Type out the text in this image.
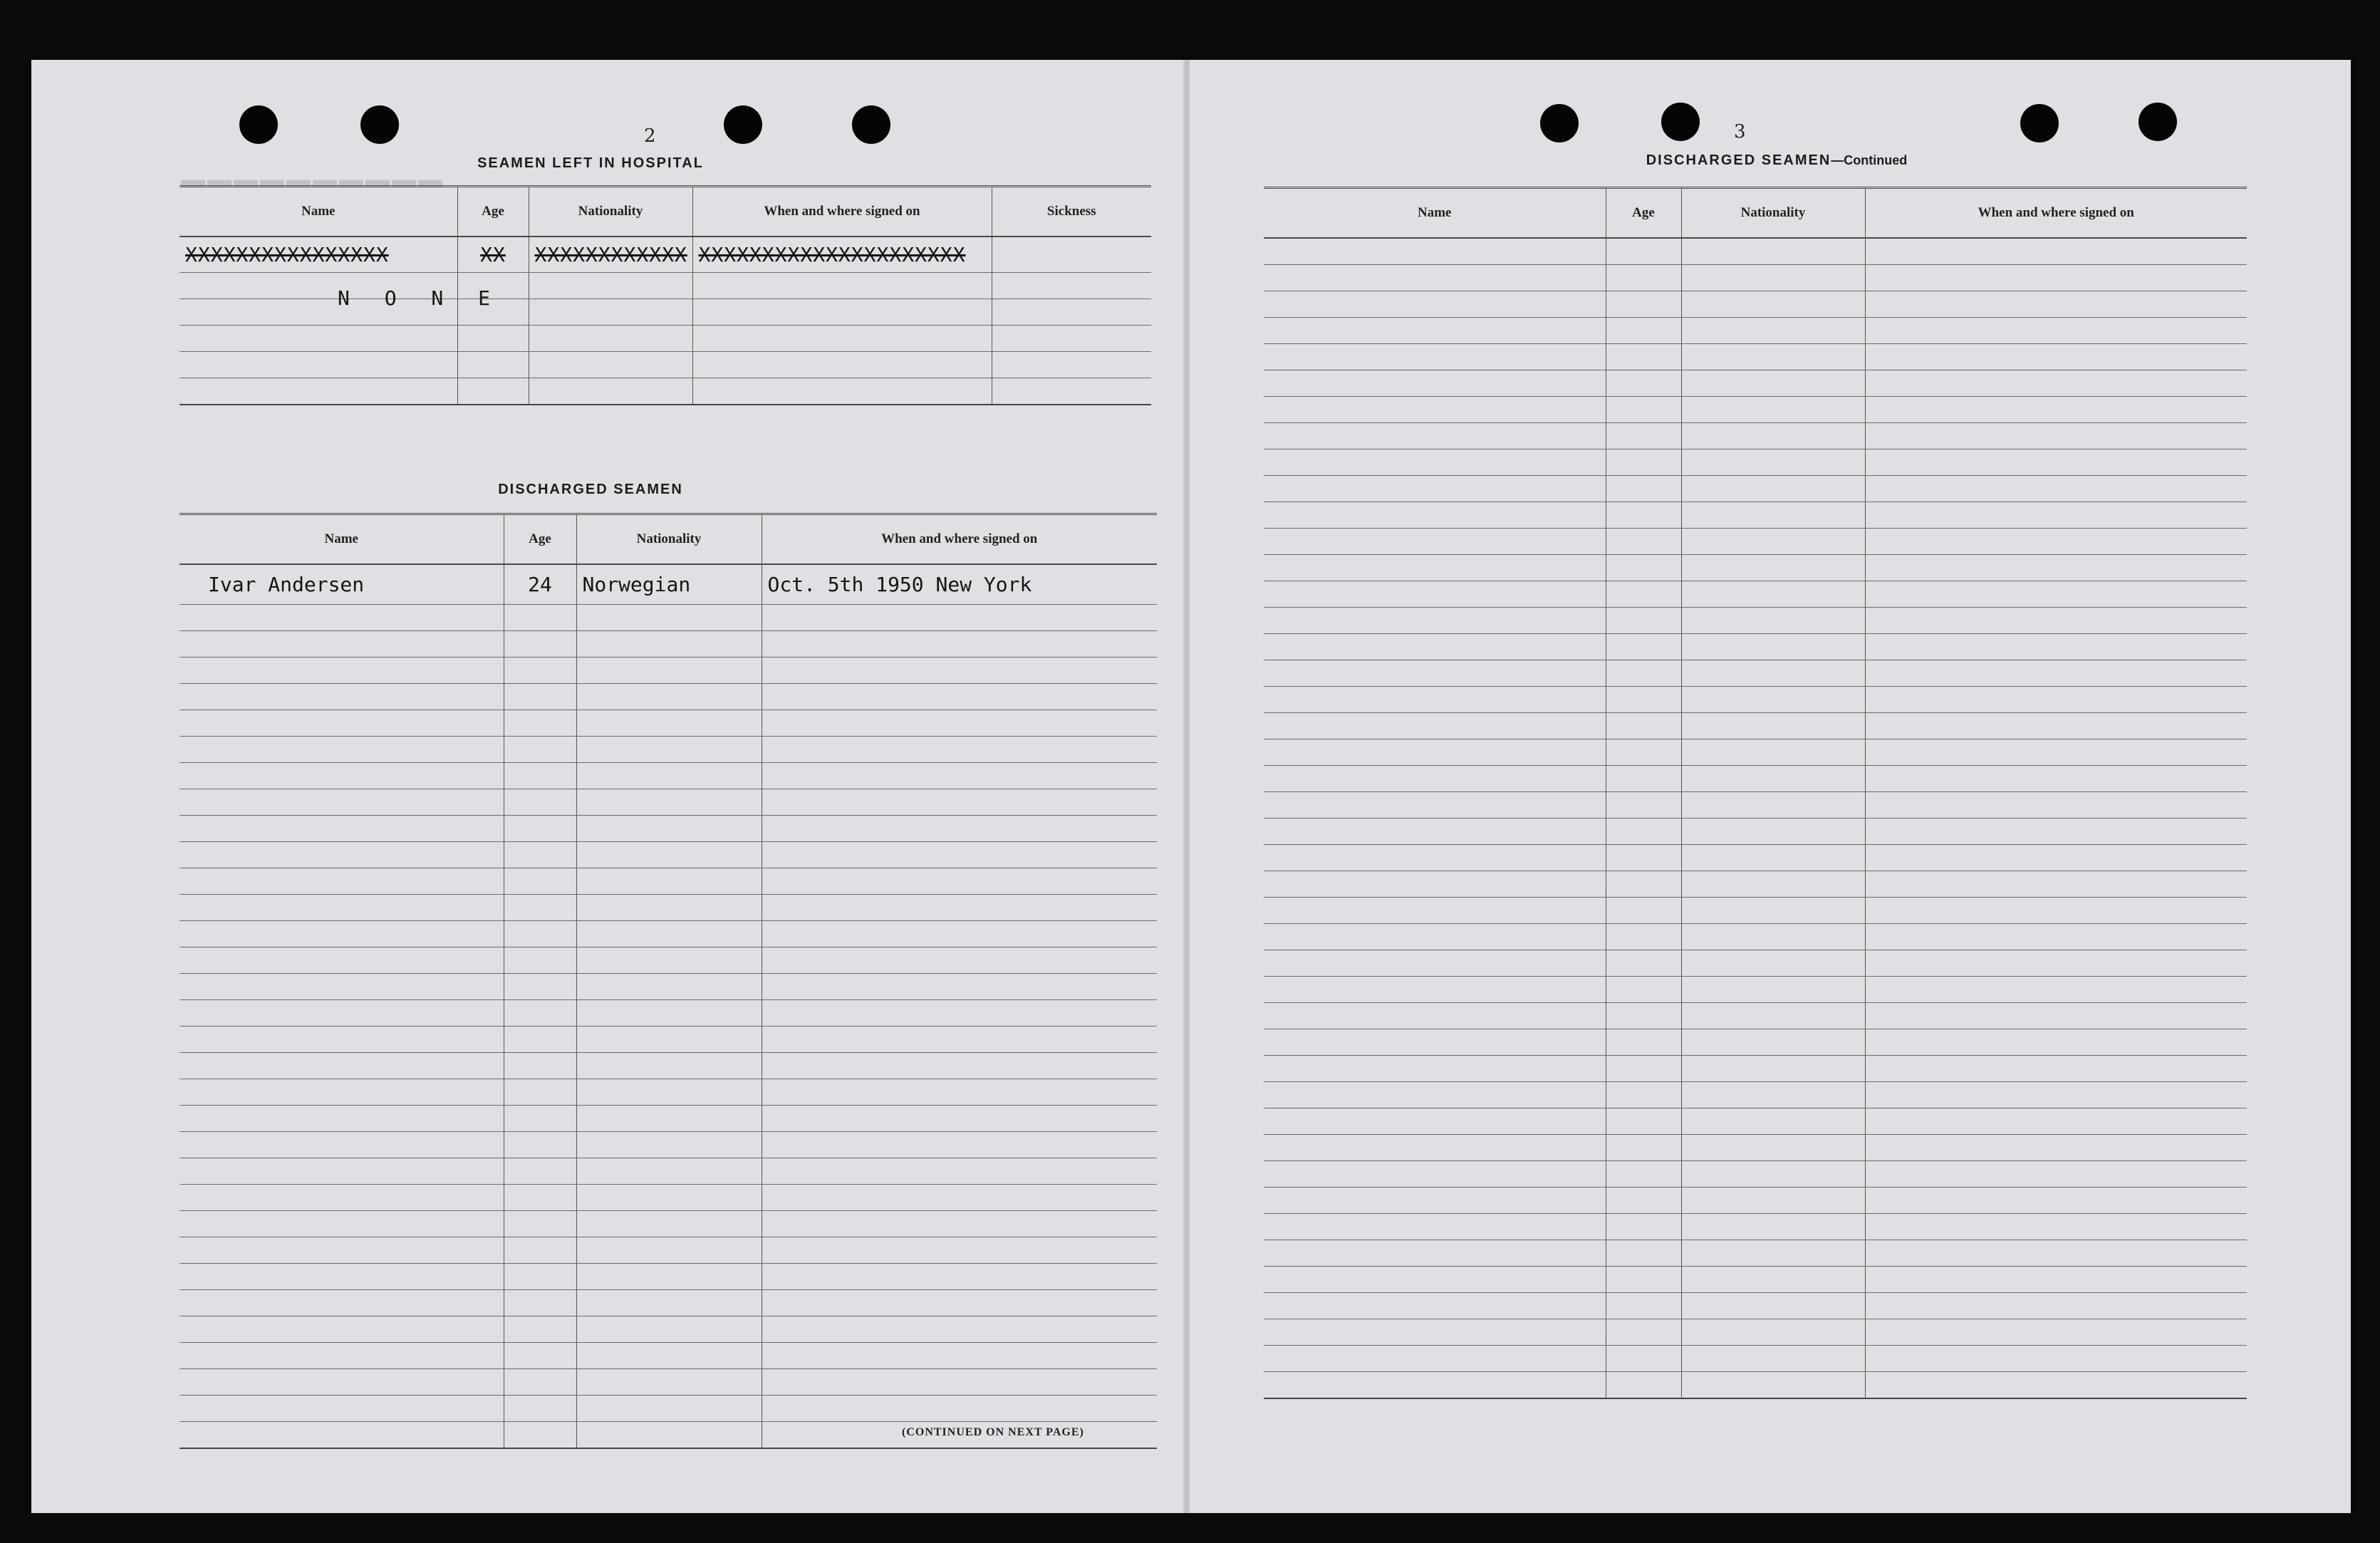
▬▬▬▬▬▬▬▬▬▬
2
SEAMEN LEFT IN HOSPITAL
Name	Age	Nationality	When and where signed on	Sickness
XXXXXXXXXXXXXXXX	XX	XXXXXXXXXXXX	XXXXXXXXXXXXXXXXXXXXX	

N O N E
DISCHARGED SEAMEN
Name	Age	Nationality	When and where signed on
Ivar Andersen	24	Norwegian	Oct. 5th 1950 New York

(CONTINUED ON NEXT PAGE)
3
DISCHARGED SEAMEN—Continued
Name	Age	Nationality	When and where signed on
